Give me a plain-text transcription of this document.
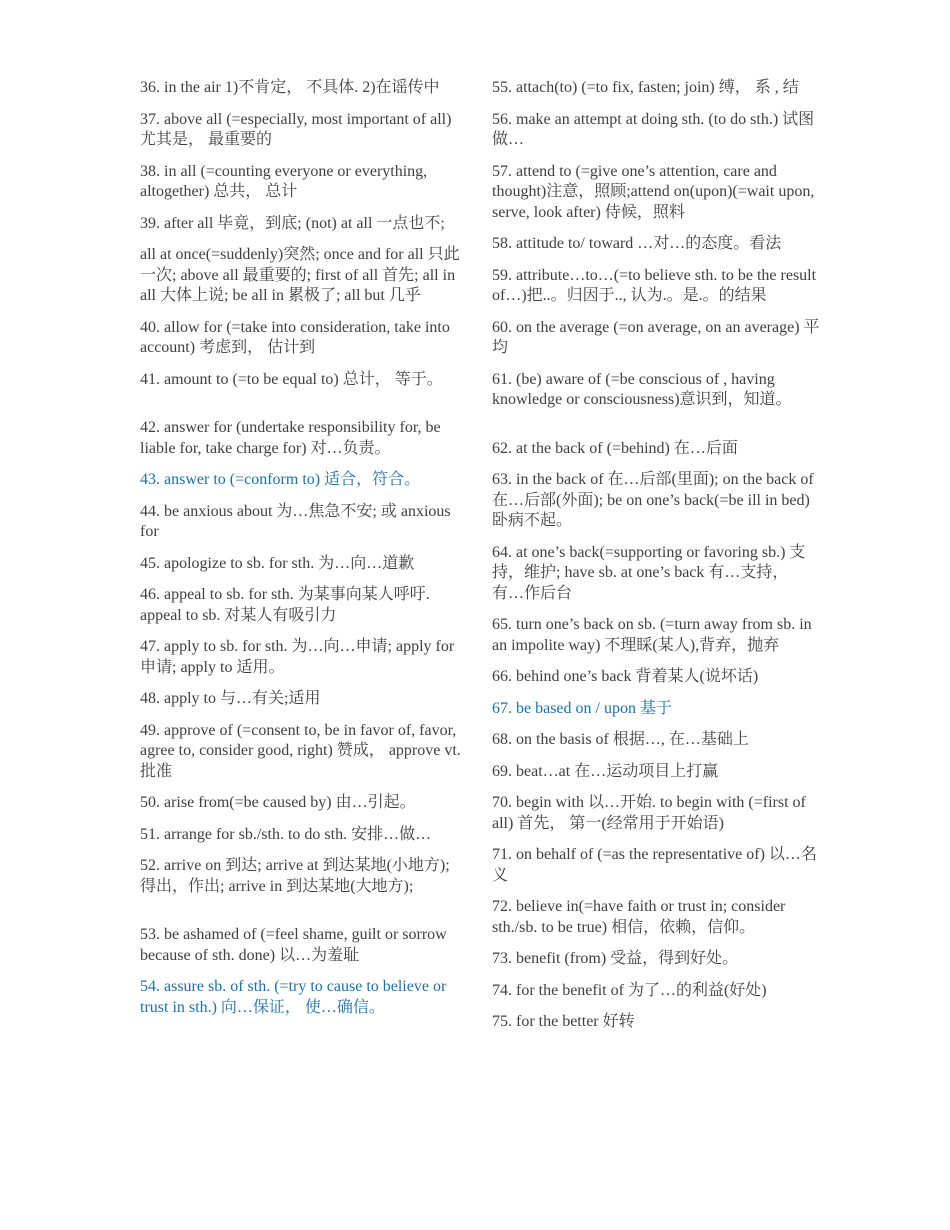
36. in the air 1)不肯定， 不具体. 2)在谣传中
37. above all (=especially, most important of all) 尤其是， 最重要的
38. in all (=counting everyone or everything, altogether) 总共， 总计
39. after all 毕竟，到底; (not) at all 一点也不;
all at once(=suddenly)突然; once and for all 只此一次; above all 最重要的; first of all 首先; all in all 大体上说; be all in 累极了; all but 几乎
40. allow for (=take into consideration, take into account) 考虑到， 估计到
41. amount to (=to be equal to) 总计， 等于。
42. answer for (undertake responsibility for, be liable for, take charge for) 对…负责。
43. answer to (=conform to) 适合，符合。
44. be anxious about 为…焦急不安; 或 anxious for
45. apologize to sb. for sth. 为…向…道歉
46. appeal to sb. for sth. 为某事向某人呼吁. appeal to sb. 对某人有吸引力
47. apply to sb. for sth. 为…向…申请; apply for 申请; apply to 适用。
48. apply to 与…有关;适用
49. approve of (=consent to, be in favor of, favor, agree to, consider good, right) 赞成， approve vt. 批准
50. arise from(=be caused by) 由…引起。
51. arrange for sb./sth. to do sth. 安排…做…
52. arrive on 到达; arrive at 到达某地(小地方);得出，作出; arrive in 到达某地(大地方);
53. be ashamed of (=feel shame, guilt or sorrow because of sth. done) 以…为羞耻
54. assure sb. of sth. (=try to cause to believe or trust in sth.) 向…保证， 使…确信。
55. attach(to) (=to fix, fasten; join) 缚， 系 , 结
56. make an attempt at doing sth. (to do sth.) 试图做…
57. attend to (=give one’s attention, care and thought)注意，照顾;attend on(upon)(=wait upon, serve, look after) 侍候，照料
58. attitude to/ toward …对…的态度。看法
59. attribute…to…(=to believe sth. to be the result of…)把..。归因于.., 认为.。是.。的结果
60. on the average (=on average, on an average) 平均
61. (be) aware of (=be conscious of , having knowledge or consciousness)意识到，知道。
62. at the back of (=behind) 在…后面
63. in the back of 在…后部(里面); on the back of 在…后部(外面); be on one’s back(=be ill in bed) 卧病不起。
64. at one’s back(=supporting or favoring sb.) 支持，维护; have sb. at one’s back 有…支持， 有…作后台
65. turn one’s back on sb. (=turn away from sb. in an impolite way) 不理睬(某人),背弃，抛弃
66. behind one’s back 背着某人(说坏话)
67. be based on / upon 基于
68. on the basis of 根据…, 在…基础上
69. beat…at 在…运动项目上打赢
70. begin with 以…开始. to begin with (=first of all) 首先， 第一(经常用于开始语)
71. on behalf of (=as the representative of) 以…名义
72. believe in(=have faith or trust in; consider sth./sb. to be true) 相信，依赖，信仰。
73. benefit (from) 受益，得到好处。
74. for the benefit of 为了…的利益(好处)
75. for the better 好转
